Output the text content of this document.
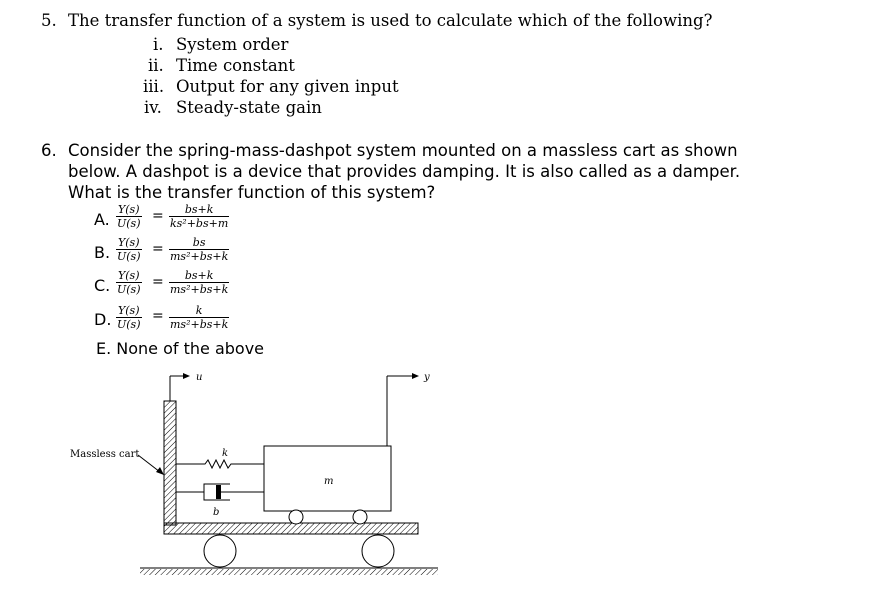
5. The transfer function of a system is used to calculate which of the following?
i. System order
ii. Time constant
iii. Output for any given input
iv. Steady-state gain
6. Consider the spring-mass-dashpot system mounted on a massless cart as shown below. A dashpot is a device that provides damping. It is also called as a damper. What is the transfer function of this system?
A. $\frac{Y(s)}{U(s)} = \frac{bs+k}{\text{ks²+bs+m}}$
B. $\frac{Y(s)}{U(s)} = \frac{bs}{\text{ms²+bs+k}}$
C. $\frac{Y(s)}{U(s)} = \frac{bs+k}{\text{ms²+bs+k}}$
D. $\frac{Y(s)}{U(s)} = \frac{k}{\text{ms²+bs+k}}$
E. None of the above
u	y
m
k
b
Massless cart
